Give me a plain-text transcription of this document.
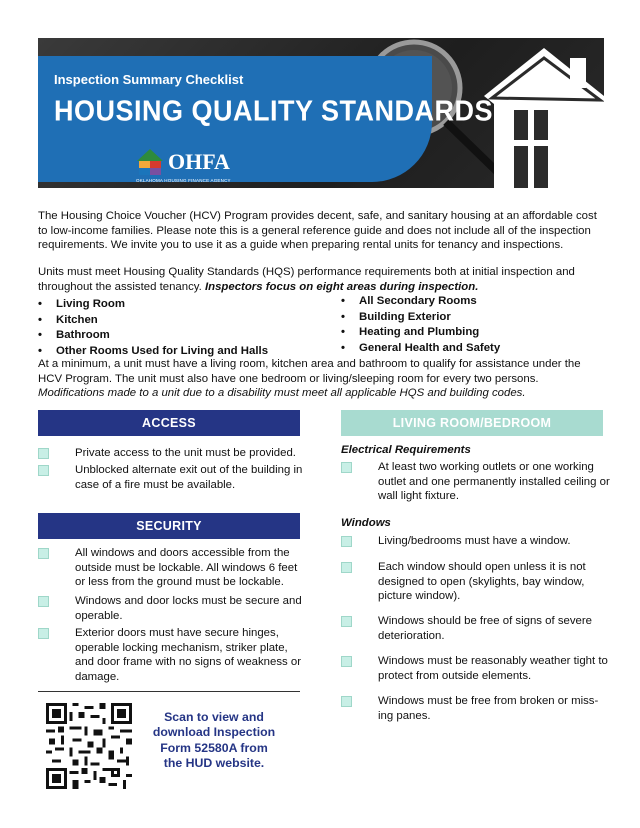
Inspection Summary Checklist
HOUSING QUALITY STANDARDS
OHFA
OKLAHOMA HOUSING FINANCE AGENCY

The Housing Choice Voucher (HCV) Program provides decent, safe, and sanitary housing at an affordable cost to low-income families. Please note this is a general reference guide and does not include all of the inspection requirements. We invite you to use it as a guide when preparing rental units for tenancy and inspections.

Units must meet Housing Quality Standards (HQS) performance requirements both at initial inspection and throughout the assisted tenancy. Inspectors focus on eight areas during inspection.

• Living Room
• Kitchen
• Bathroom
• Other Rooms Used for Living and Halls
• All Secondary Rooms
• Building Exterior
• Heating and Plumbing
• General Health and Safety

At a minimum, a unit must have a living room, kitchen area and bathroom to qualify for assistance under the HCV Program. The unit must also have one bedroom or living/sleeping room for every two persons. Modifications made to a unit due to a disability must meet all applicable HQS and building codes.

ACCESS
Private access to the unit must be provided.
Unblocked alternate exit out of the building in case of a fire must be available.
SECURITY
All windows and doors accessible from the outside must be lockable. All windows 6 feet or less from the ground must be lockable.
Windows and door locks must be secure and operable.
Exterior doors must have secure hinges, operable locking mechanism, striker plate, and door frame with no signs of weakness or damage.
Scan to view and download Inspection Form 52580A from the HUD website.
LIVING ROOM/BEDROOM
Electrical Requirements
At least two working outlets or one working outlet and one permanently installed ceiling or wall light fixture.
Windows
Living/bedrooms must have a window.
Each window should open unless it is not designed to open (skylights, bay window, picture window).
Windows should be free of signs of severe deterioration.
Windows must be reasonably weather tight to protect from outside elements.
Windows must be free from broken or miss-ing panes.
